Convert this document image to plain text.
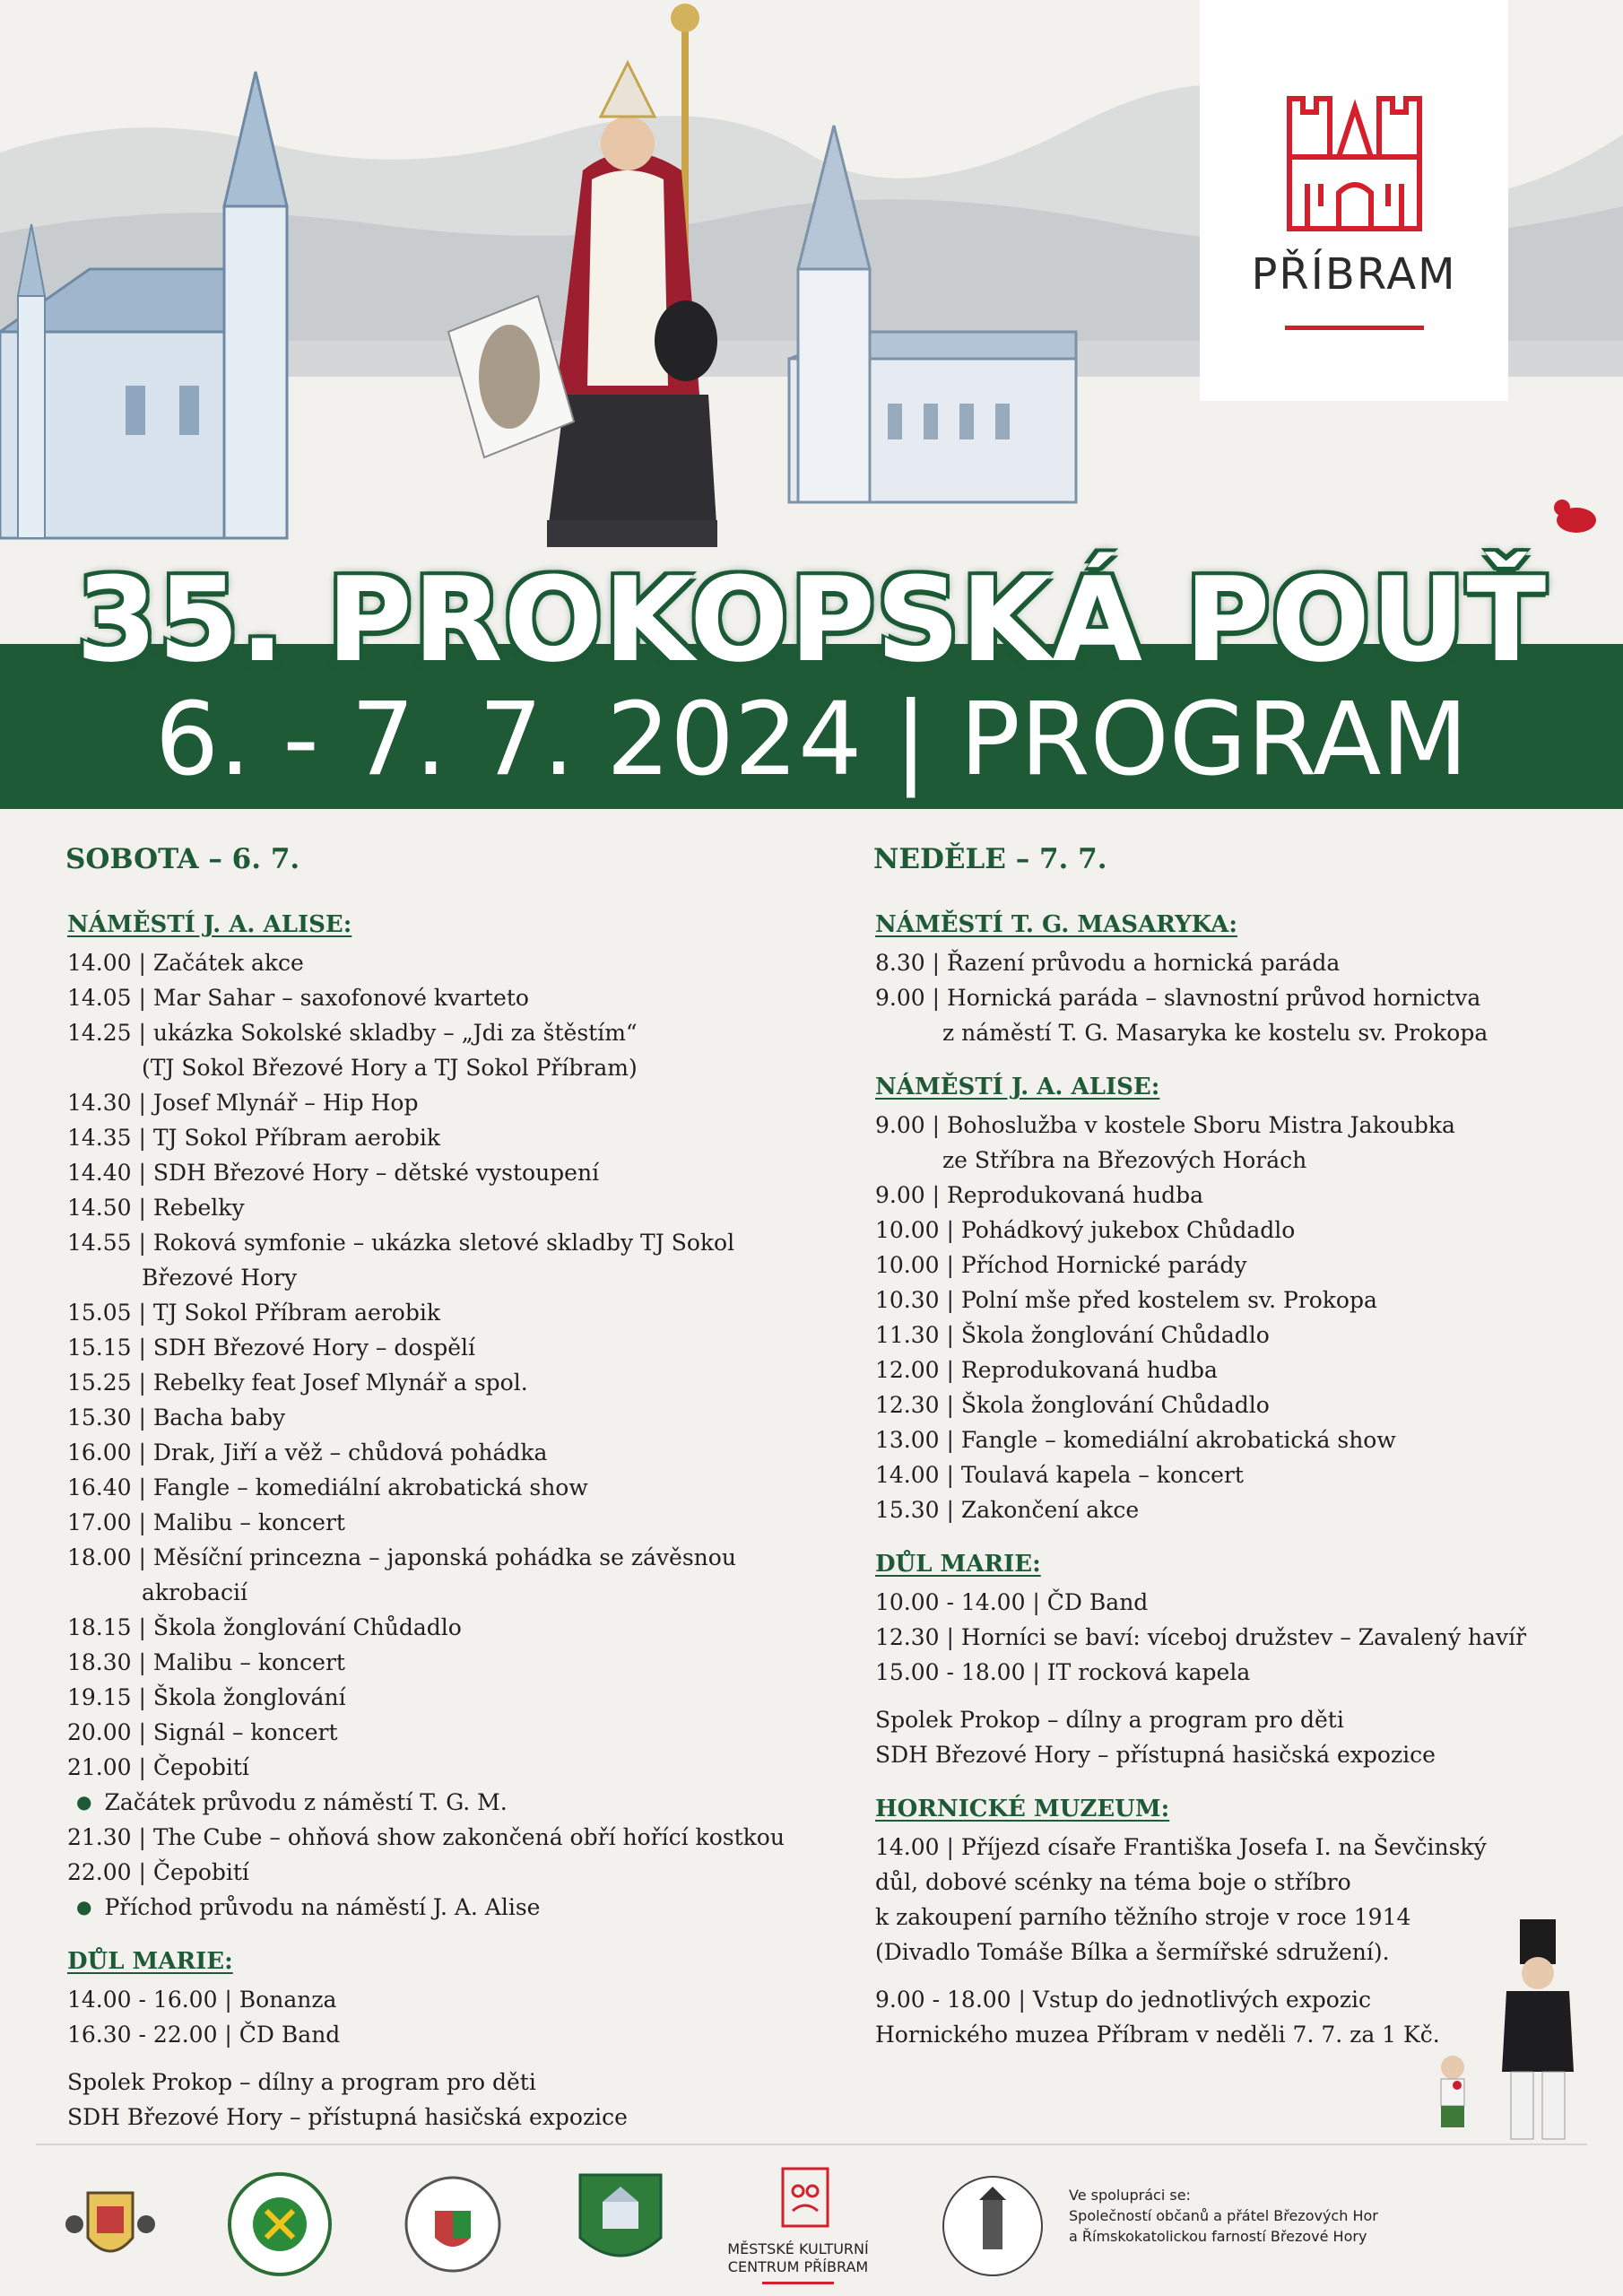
PŘÍBRAM
35. PROKOPSKÁ POUŤ
6. - 7. 7. 2024 | PROGRAM
SOBOTA – 6. 7.
NÁMĚSTÍ J. A. ALISE:
14.00 | Začátek akce
14.05 | Mar Sahar – saxofonové kvarteto
14.25 | ukázka Sokolské skladby – „Jdi za štěstím“
(TJ Sokol Březové Hory a TJ Sokol Příbram)
14.30 | Josef Mlynář – Hip Hop
14.35 | TJ Sokol Příbram aerobik
14.40 | SDH Březové Hory – dětské vystoupení
14.50 | Rebelky
14.55 | Roková symfonie – ukázka sletové skladby TJ Sokol
Březové Hory
15.05 | TJ Sokol Příbram aerobik
15.15 | SDH Březové Hory – dospělí
15.25 | Rebelky feat Josef Mlynář a spol.
15.30 | Bacha baby
16.00 | Drak, Jiří a věž – chůdová pohádka
16.40 | Fangle – komediální akrobatická show
17.00 | Malibu – koncert
18.00 | Měsíční princezna – japonská pohádka se závěsnou
akrobacií
18.15 | Škola žonglování Chůdadlo
18.30 | Malibu – koncert
19.15 | Škola žonglování
20.00 | Signál – koncert
21.00 | Čepobití
● Začátek průvodu z náměstí T. G. M.
21.30 | The Cube – ohňová show zakončená obří hořící kostkou
22.00 | Čepobití
● Příchod průvodu na náměstí J. A. Alise
DŮL MARIE:
14.00 - 16.00 | Bonanza
16.30 - 22.00 | ČD Band
Spolek Prokop – dílny a program pro děti
SDH Březové Hory – přístupná hasičská expozice
NEDĚLE – 7. 7.
NÁMĚSTÍ T. G. MASARYKA:
8.30 | Řazení průvodu a hornická paráda
9.00 | Hornická paráda – slavnostní průvod hornictva
z náměstí T. G. Masaryka ke kostelu sv. Prokopa
NÁMĚSTÍ J. A. ALISE:
9.00 | Bohoslužba v kostele Sboru Mistra Jakoubka
ze Stříbra na Březových Horách
9.00 | Reprodukovaná hudba
10.00 | Pohádkový jukebox Chůdadlo
10.00 | Příchod Hornické parády
10.30 | Polní mše před kostelem sv. Prokopa
11.30 | Škola žonglování Chůdadlo
12.00 | Reprodukovaná hudba
12.30 | Škola žonglování Chůdadlo
13.00 | Fangle – komediální akrobatická show
14.00 | Toulavá kapela – koncert
15.30 | Zakončení akce
DŮL MARIE:
10.00 - 14.00 | ČD Band
12.30 | Horníci se baví: víceboj družstev – Zavalený havíř
15.00 - 18.00 | IT rocková kapela
Spolek Prokop – dílny a program pro děti
SDH Březové Hory – přístupná hasičská expozice
HORNICKÉ MUZEUM:
14.00 | Příjezd císaře Františka Josefa I. na Ševčinský
důl, dobové scénky na téma boje o stříbro
k zakoupení parního těžního stroje v roce 1914
(Divadlo Tomáše Bílka a šermířské sdružení).
9.00 - 18.00 | Vstup do jednotlivých expozic
Hornického muzea Příbram v neděli 7. 7. za 1 Kč.
MĚSTSKÉ KULTURNÍ
CENTRUM PŘÍBRAM
Ve spolupráci se:
Společností občanů a přátel Březových Hor
a Římskokatolickou farností Březové Hory
